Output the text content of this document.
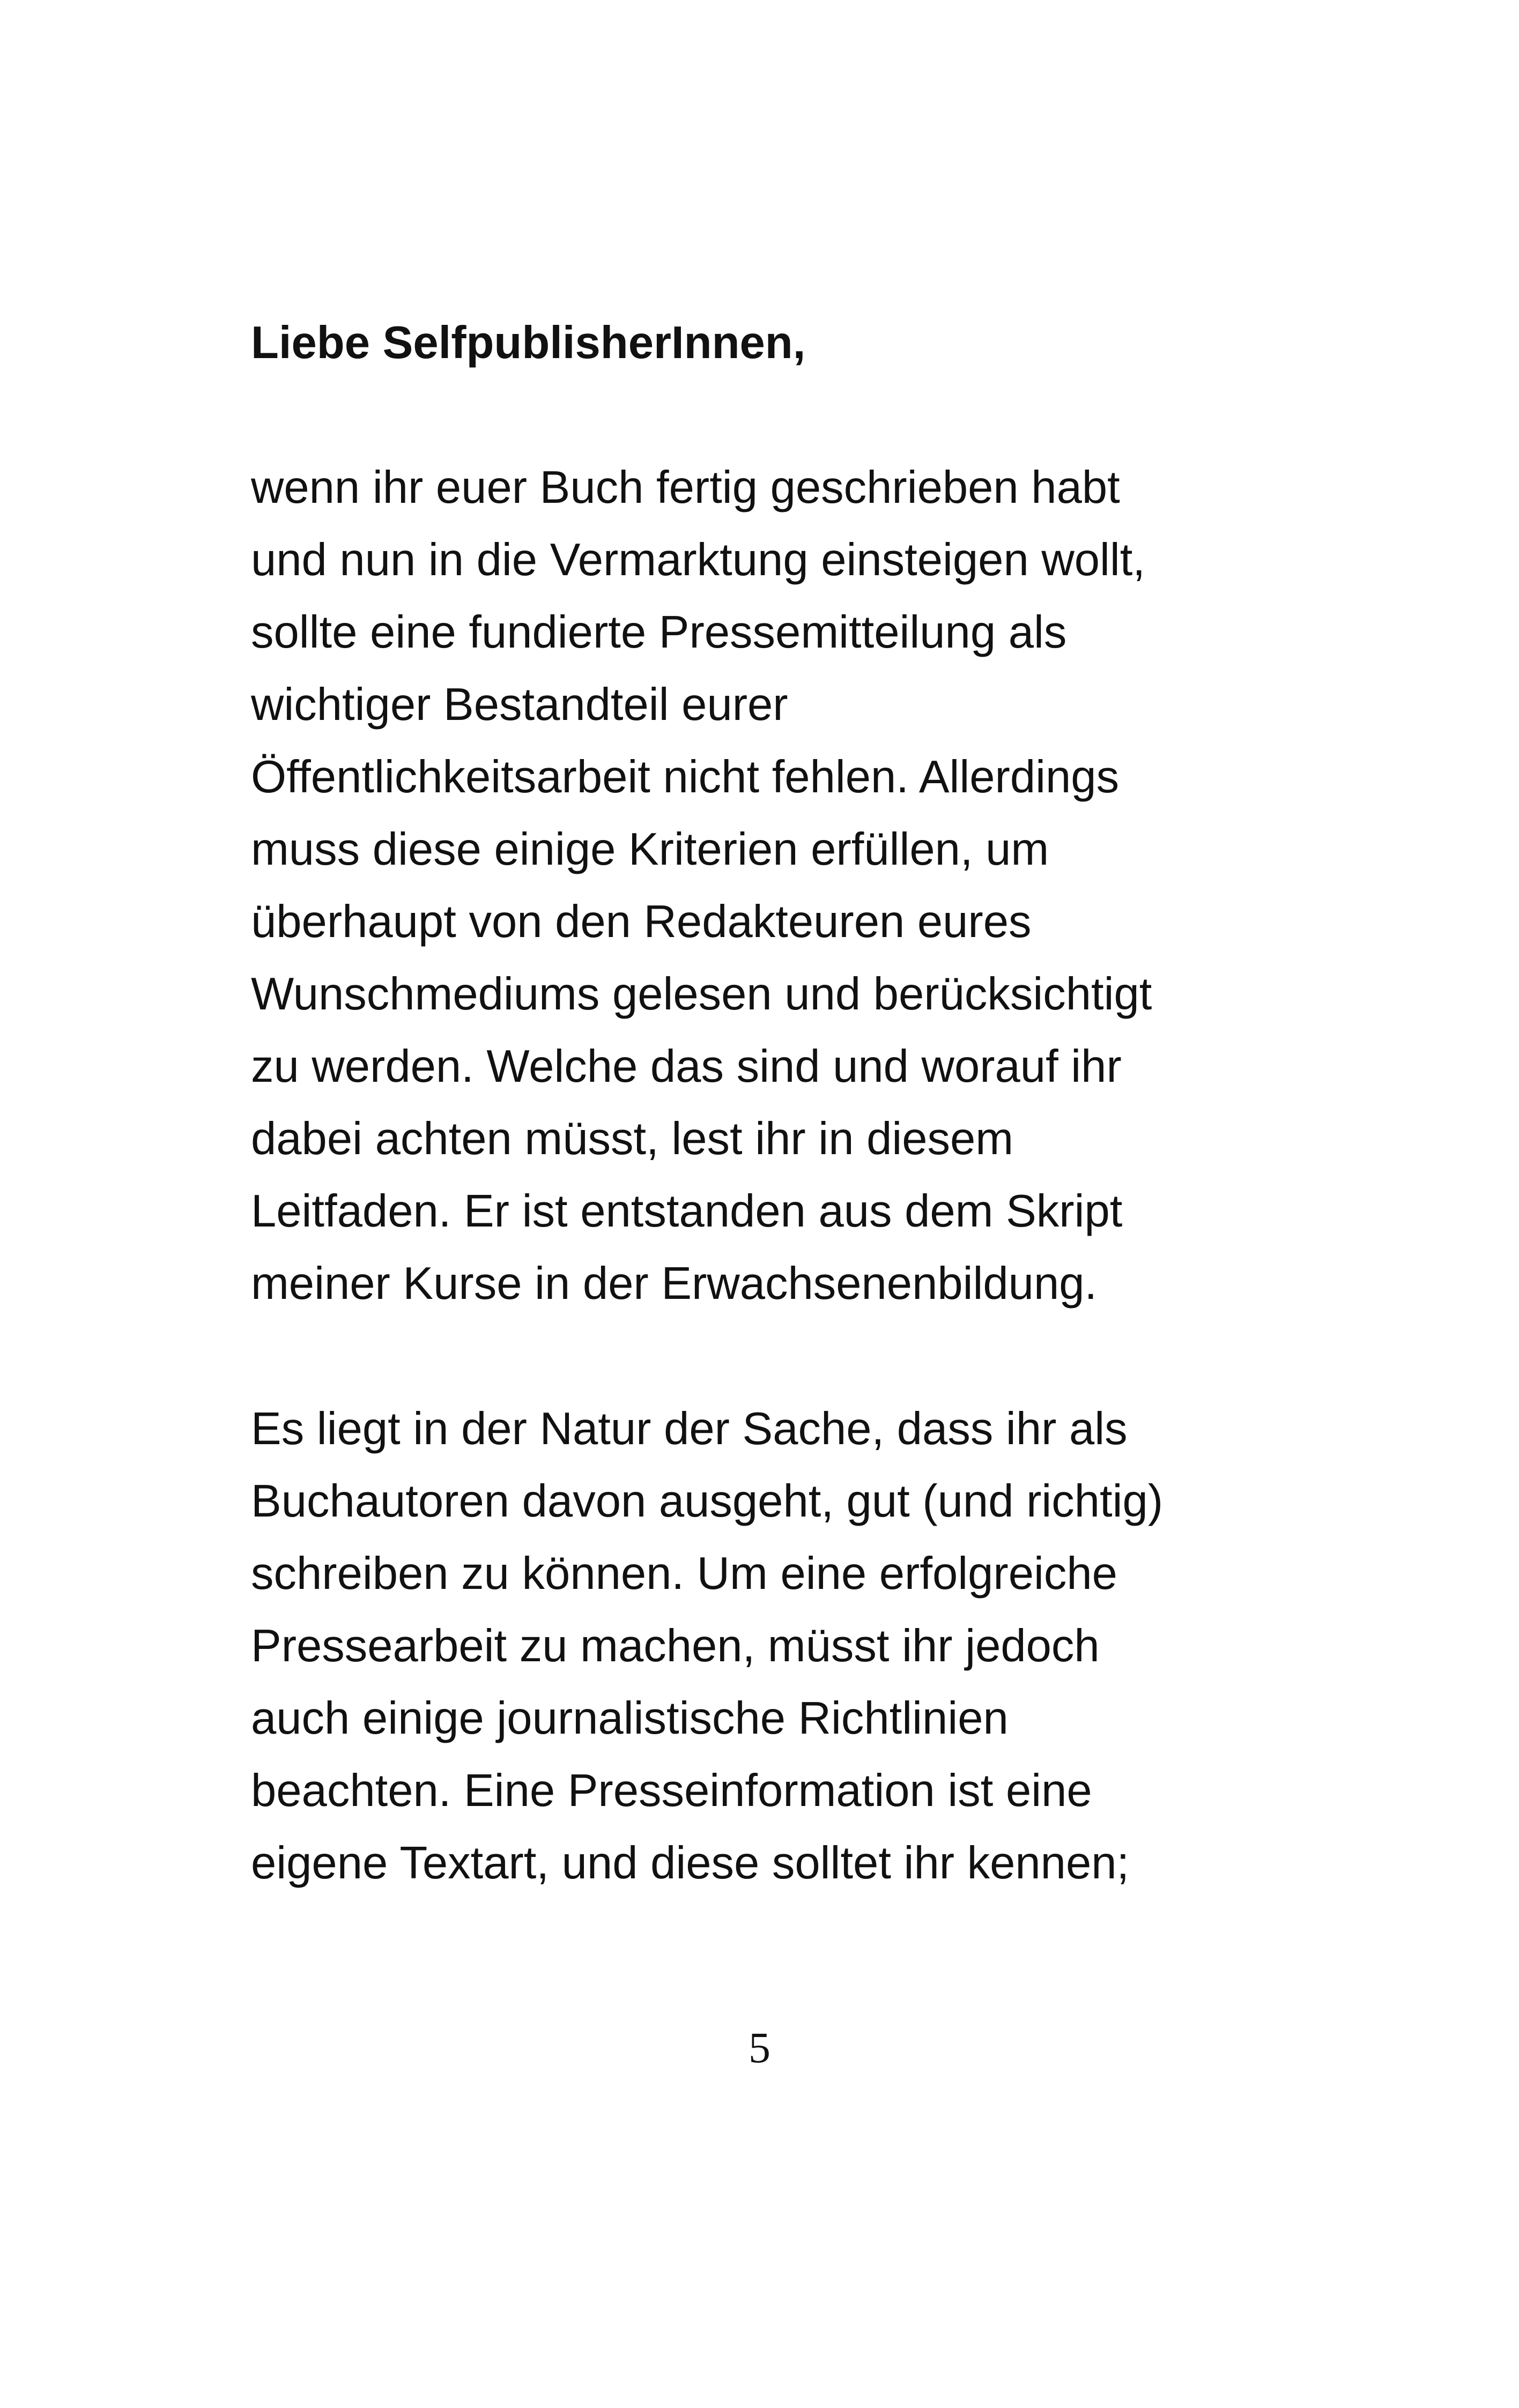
Liebe SelfpublisherInnen,

wenn ihr euer Buch fertig geschrieben habt
und nun in die Vermarktung einsteigen wollt,
sollte eine fundierte Pressemitteilung als
wichtiger Bestandteil eurer
Öffentlichkeitsarbeit nicht fehlen. Allerdings
muss diese einige Kriterien erfüllen, um
überhaupt von den Redakteuren eures
Wunschmediums gelesen und berücksichtigt
zu werden. Welche das sind und worauf ihr
dabei achten müsst, lest ihr in diesem
Leitfaden. Er ist entstanden aus dem Skript
meiner Kurse in der Erwachsenenbildung.

Es liegt in der Natur der Sache, dass ihr als
Buchautoren davon ausgeht, gut (und richtig)
schreiben zu können. Um eine erfolgreiche
Pressearbeit zu machen, müsst ihr jedoch
auch einige journalistische Richtlinien
beachten. Eine Presseinformation ist eine
eigene Textart, und diese solltet ihr kennen;

5
